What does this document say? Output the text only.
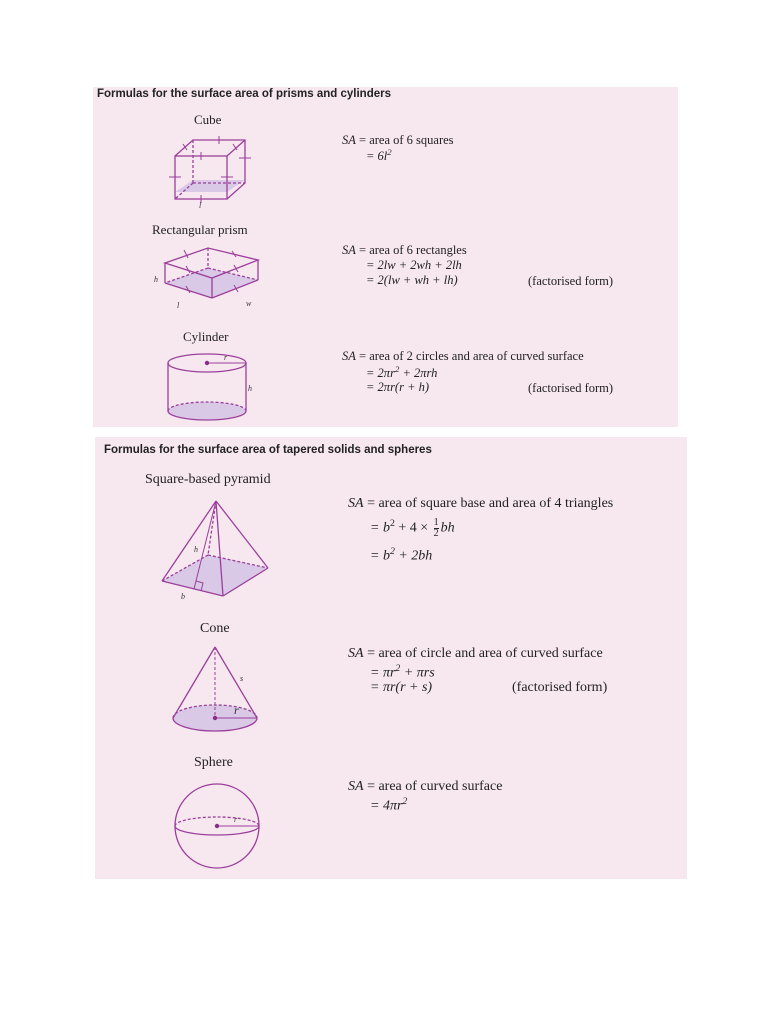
Formulas for the surface area of prisms and cylinders
Cube
l
SA = area of 6 squares
= $6l^2$
Rectangular prism
h
l	w
SA = area of 6 rectangles
= 2lw + 2wh + 2lh
= 2(lw + wh + lh)	(factorised form)
Cylinder
r
h
SA = area of 2 circles and area of curved surface
= $2\pi r^2 + 2\pi rh$
= 2πr(r + h)	(factorised form)
Formulas for the surface area of tapered solids and spheres
Square-based pyramid
h
b
SA = area of square base and area of 4 triangles
= $b^2 + 4 \times \frac{1}{2}$ bh
= $b^2 + 2bh$
Cone
s
r
SA = area of circle and area of curved surface
= $\pi r^2 + \pi rs$
= πr(r + s)	(factorised form)
Sphere
r
SA = area of curved surface
= $4\pi r^2$
